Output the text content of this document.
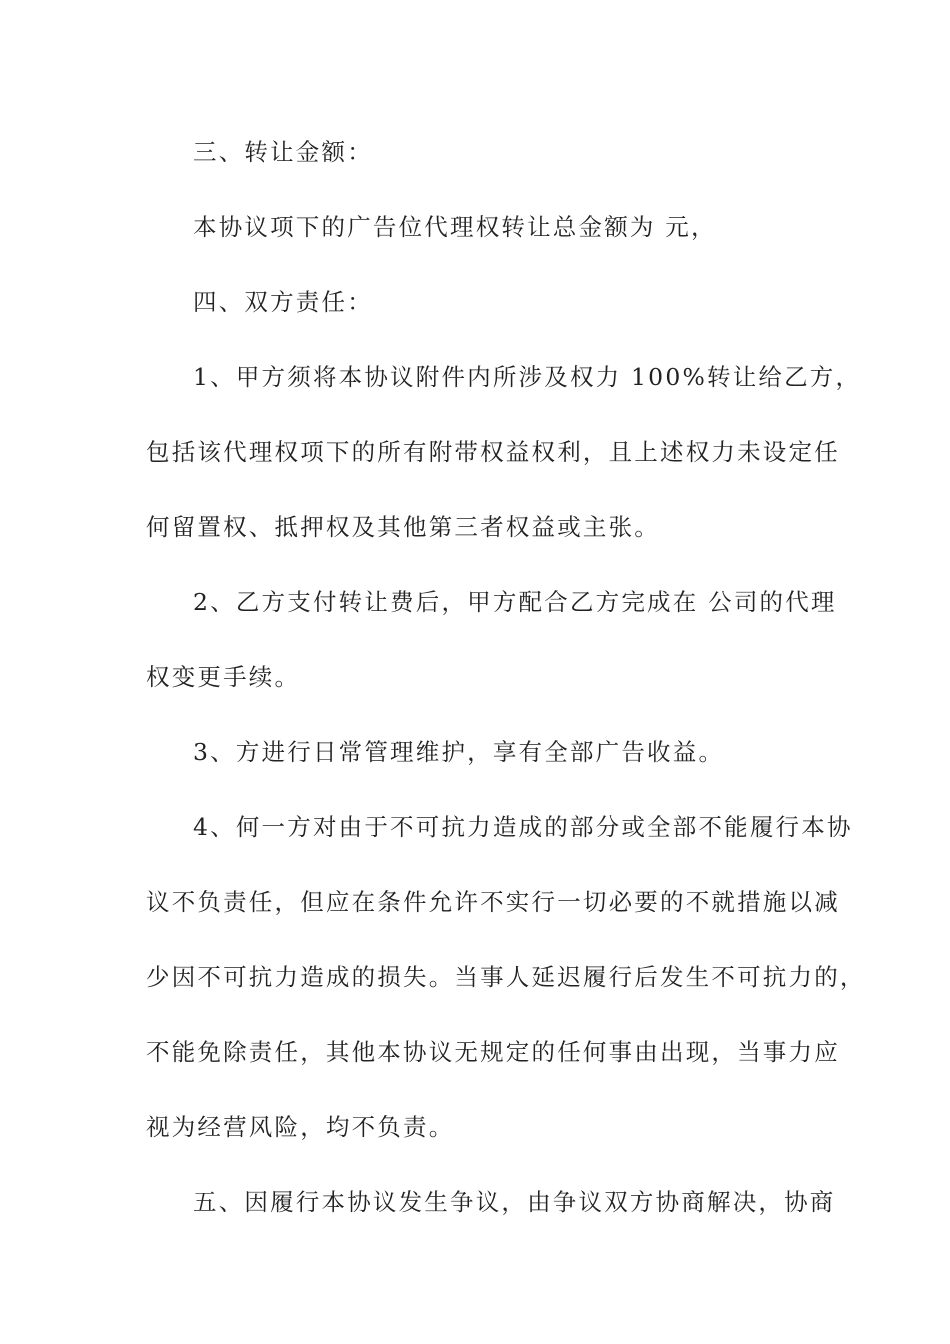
三、转让金额：
本协议项下的广告位代理权转让总金额为 元，
四、双方责任：
1、甲方须将本协议附件内所涉及权力 100%转让给乙方，
包括该代理权项下的所有附带权益权利，且上述权力未设定任
何留置权、抵押权及其他第三者权益或主张。
2、乙方支付转让费后，甲方配合乙方完成在 公司的代理
权变更手续。
3、方进行日常管理维护，享有全部广告收益。
4、何一方对由于不可抗力造成的部分或全部不能履行本协
议不负责任，但应在条件允许不实行一切必要的不就措施以减
少因不可抗力造成的损失。当事人延迟履行后发生不可抗力的，
不能免除责任，其他本协议无规定的任何事由出现，当事力应
视为经营风险，均不负责。
五、因履行本协议发生争议，由争议双方协商解决，协商
